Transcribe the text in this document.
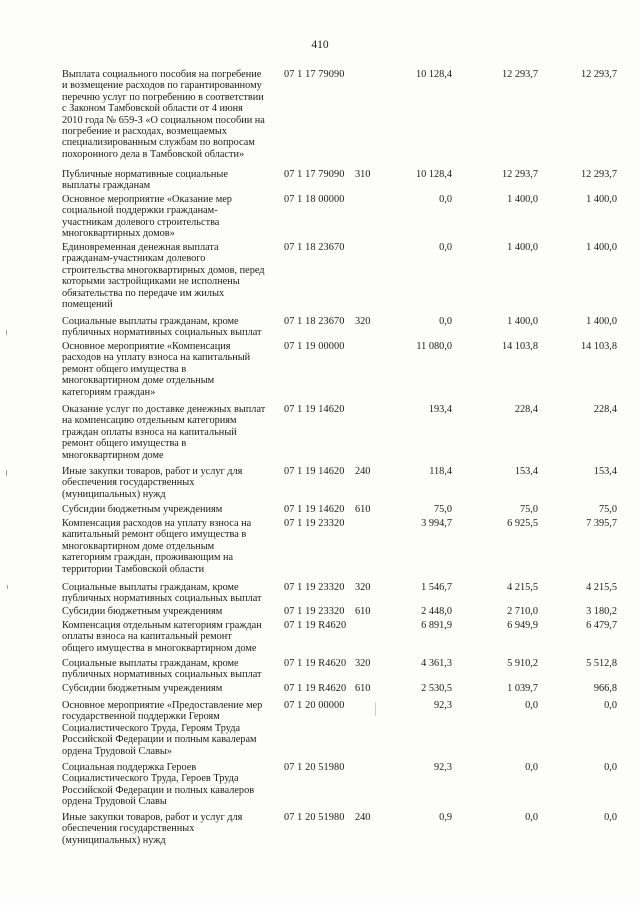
410
Выплата социального пособия на погребение
и возмещение расходов по гарантированному
перечню услуг по погребению в соответствии
с Законом Тамбовской области от 4 июня
2010 года № 659-З «О социальном пособии на
погребение и расходах, возмещаемых
специализированным службам по вопросам
похоронного дела в Тамбовской области»
07 1 17 79090	10 128,4	12 293,7	12 293,7
Публичные нормативные социальные
выплаты гражданам
07 1 17 79090	310	10 128,4	12 293,7	12 293,7
Основное мероприятие «Оказание мер
социальной поддержки гражданам-
участникам долевого строительства
многоквартирных домов»
07 1 18 00000	0,0	1 400,0	1 400,0
Единовременная денежная выплата
гражданам-участникам долевого
строительства многоквартирных домов, перед
которыми застройщиками не исполнены
обязательства по передаче им жилых
помещений
07 1 18 23670	0,0	1 400,0	1 400,0
Социальные выплаты гражданам, кроме
публичных нормативных социальных выплат
07 1 18 23670	320	0,0	1 400,0	1 400,0
Основное мероприятие «Компенсация
расходов на уплату взноса на капитальный
ремонт общего имущества в
многоквартирном доме отдельным
категориям граждан»
07 1 19 00000	11 080,0	14 103,8	14 103,8
Оказание услуг по доставке денежных выплат
на компенсацию отдельным категориям
граждан оплаты взноса на капитальный
ремонт общего имущества в
многоквартирном доме
07 1 19 14620	193,4	228,4	228,4
Иные закупки товаров, работ и услуг для
обеспечения государственных
(муниципальных) нужд
07 1 19 14620	240	118,4	153,4	153,4
Субсидии бюджетным учреждениям	07 1 19 14620	610	75,0	75,0	75,0
Компенсация расходов на уплату взноса на
капитальный ремонт общего имущества в
многоквартирном доме отдельным
категориям граждан, проживающим на
территории Тамбовской области
07 1 19 23320	3 994,7	6 925,5	7 395,7
Социальные выплаты гражданам, кроме
публичных нормативных социальных выплат
07 1 19 23320	320	1 546,7	4 215,5	4 215,5
Субсидии бюджетным учреждениям	07 1 19 23320	610	2 448,0	2 710,0	3 180,2
Компенсация отдельным категориям граждан
оплаты взноса на капитальный ремонт
общего имущества в многоквартирном доме
07 1 19 R4620	6 891,9	6 949,9	6 479,7
Социальные выплаты гражданам, кроме
публичных нормативных социальных выплат
07 1 19 R4620 320	4 361,3	5 910,2	5 512,8
Субсидии бюджетным учреждениям	07 1 19 R4620 610	2 530,5	1 039,7	966,8
Основное мероприятие «Предоставление мер
государственной поддержки Героям
Социалистического Труда, Героям Труда
Российской Федерации и полным кавалерам
ордена Трудовой Славы»
07 1 20 00000	92,3	0,0	0,0
Социальная поддержка Героев
Социалистического Труда, Героев Труда
Российской Федерации и полных кавалеров
ордена Трудовой Славы
07 1 20 51980	92,3	0,0	0,0
Иные закупки товаров, работ и услуг для
обеспечения государственных
(муниципальных) нужд
07 1 20 51980	240	0,9	0,0	0,0
